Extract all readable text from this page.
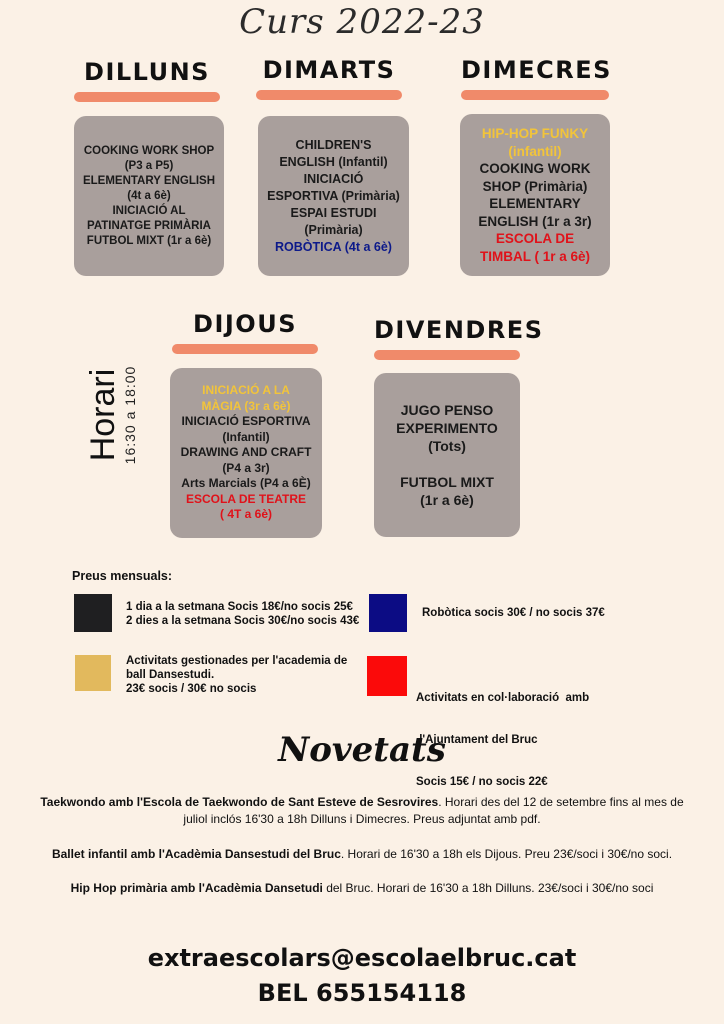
Curs 2022-23
DILLUNS	DIMARTS	DIMECRES
DIJOUS	DIVENDRES
COOKING WORK SHOP
(P3 a P5)
ELEMENTARY ENGLISH
(4t a 6è)
INICIACIÓ AL
PATINATGE PRIMÀRIA
FUTBOL MIXT (1r a 6è)
CHILDREN'S
ENGLISH (Infantil)
INICIACIÓ
ESPORTIVA (Primària)
ESPAI ESTUDI
(Primària)
ROBÒTICA (4t a 6è)
HIP-HOP FUNKY
(infantil)
COOKING WORK
SHOP (Primària)
ELEMENTARY
ENGLISH (1r a 3r)
ESCOLA DE
TIMBAL ( 1r a 6è)
INICIACIÓ A LA
MÀGIA (3r a 6è)
INICIACIÓ ESPORTIVA
(Infantil)
DRAWING AND CRAFT
(P4 a 3r)
Arts Marcials (P4 a 6È)
ESCOLA DE TEATRE
( 4T a 6è)
JUGO PENSO
EXPERIMENTO
(Tots)

FUTBOL MIXT
(1r a 6è)
Horari 16:30 a 18:00
Preus mensuals:
1 dia a la setmana Socis 18€/no socis 25€
2 dies a la setmana Socis 30€/no socis 43€
Robòtica socis 30€ / no socis 37€
Activitats gestionades per l'academia de
ball Dansestudi.
23€ socis / 30€ no socis

Activitats en col·laboració  amb

l'Ajuntament del Bruc

Socis 15€ / no socis 22€

Novetats
Taekwondo amb l'Escola de Taekwondo de Sant Esteve de Sesrovires. Horari des del 12 de setembre fins al mes de juliol inclós 16'30 a 18h Dilluns i Dimecres. Preus adjuntat amb pdf.
Ballet infantil amb l'Acadèmia Dansestudi del Bruc. Horari de 16'30 a 18h els Dijous. Preu 23€/soci i 30€/no soci.
Hip Hop primària amb l'Acadèmia Dansetudi del Bruc. Horari de 16'30 a 18h Dilluns. 23€/soci i 30€/no soci
extraescolars@escolaelbruc.cat
BEL 655154118
